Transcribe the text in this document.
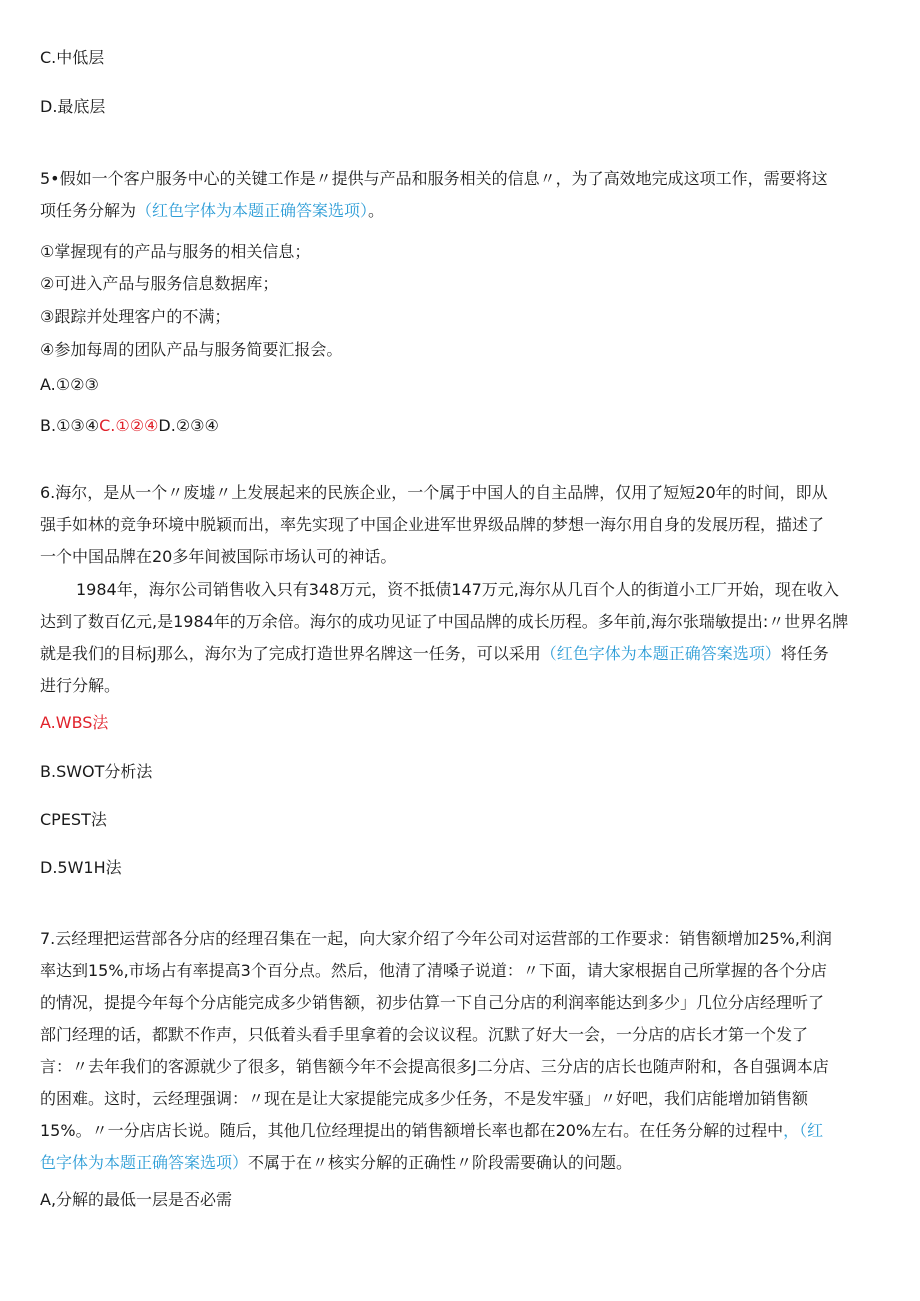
C.中低层
D.最底层
5•假如一个客户服务中心的关键工作是〃提供与产品和服务相关的信息〃，为了高效地完成这项工作，需要将这
项任务分解为（红色字体为本题正确答案选项）。
①掌握现有的产品与服务的相关信息；
②可进入产品与服务信息数据库；
③跟踪并处理客户的不满；
④参加每周的团队产品与服务简要汇报会。
A.①②③
B.①③④C.①②④D.②③④
6.海尔，是从一个〃废墟〃上发展起来的民族企业，一个属于中国人的自主品牌，仅用了短短20年的时间，即从
强手如林的竞争环境中脱颖而出，率先实现了中国企业进军世界级品牌的梦想一海尔用自身的发展历程，描述了
一个中国品牌在20多年间被国际市场认可的神话。
1984年，海尔公司销售收入只有348万元，资不抵债147万元,海尔从几百个人的街道小工厂开始，现在收入
达到了数百亿元,是1984年的万余倍。海尔的成功见证了中国品牌的成长历程。多年前,海尔张瑞敏提出:〃世界名牌
就是我们的目标J那么，海尔为了完成打造世界名牌这一任务，可以采用（红色字体为本题正确答案选项）将任务
进行分解。
A.WBS法
B.SWOT分析法
CPEST法
D.5W1H法
7.云经理把运营部各分店的经理召集在一起，向大家介绍了今年公司对运营部的工作要求：销售额增加25%,利润
率达到15%,市场占有率提高3个百分点。然后，他清了清嗓子说道：〃下面，请大家根据自己所掌握的各个分店
的情况，提提今年每个分店能完成多少销售额，初步估算一下自己分店的利润率能达到多少」几位分店经理听了
部门经理的话，都默不作声，只低着头看手里拿着的会议议程。沉默了好大一会，一分店的店长才第一个发了
言：〃去年我们的客源就少了很多，销售额今年不会提高很多J二分店、三分店的店长也随声附和，各自强调本店
的困难。这时，云经理强调：〃现在是让大家提能完成多少任务，不是发牢骚」〃好吧，我们店能增加销售额
15%。〃一分店店长说。随后，其他几位经理提出的销售额增长率也都在20%左右。在任务分解的过程中，（红
色字体为本题正确答案选项）不属于在〃核实分解的正确性〃阶段需要确认的问题。
A,分解的最低一层是否必需
